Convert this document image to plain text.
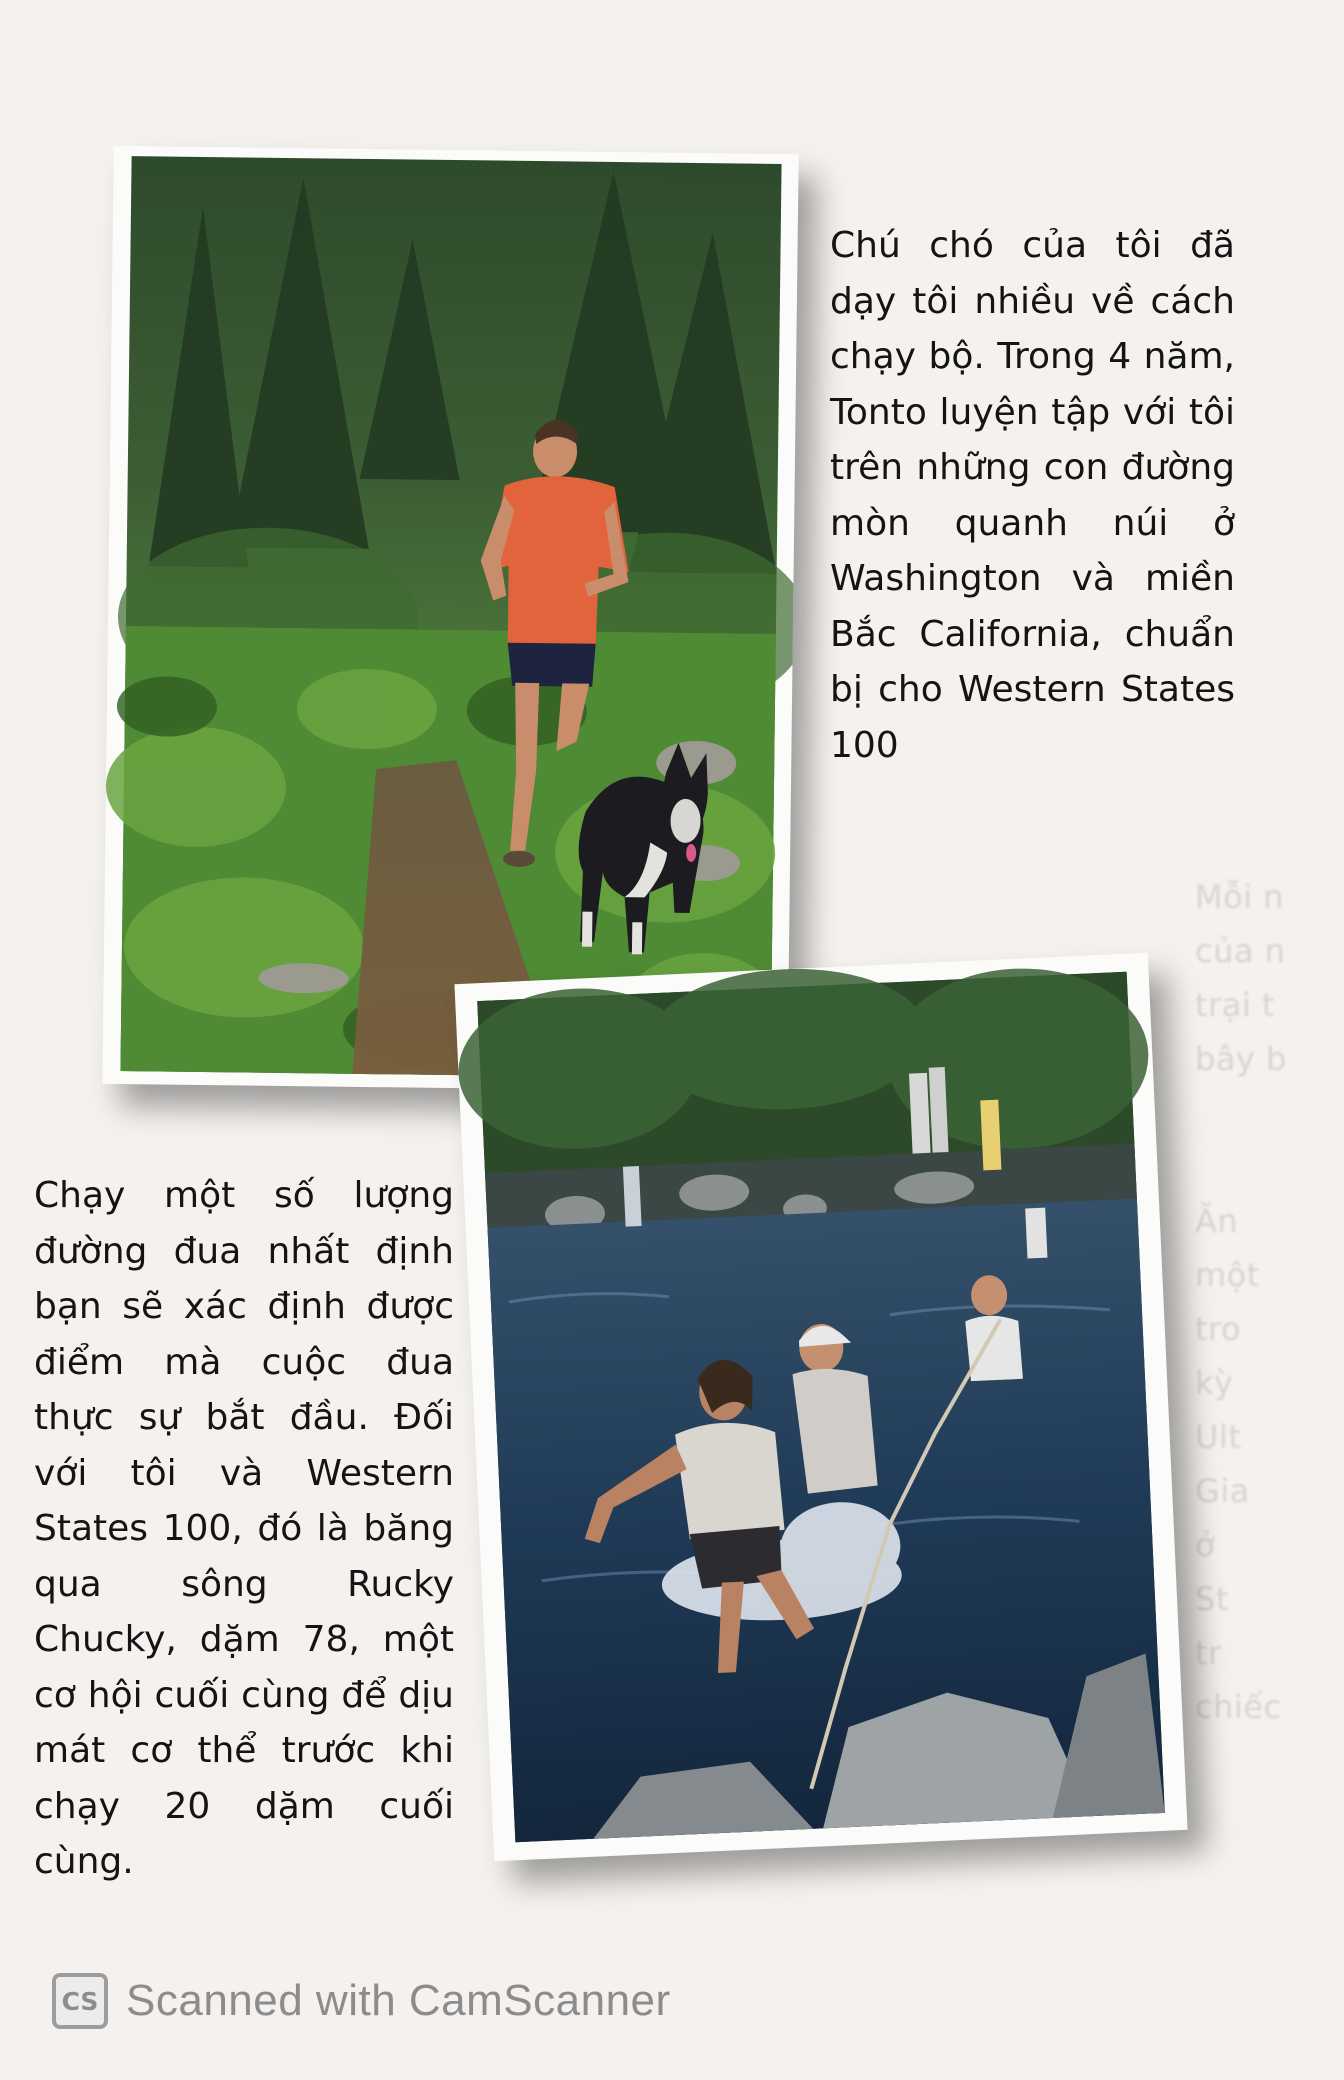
Mỗi n
của n
trại t
bây b

Ăn
một
tro
kỳ
Ult
Gia
ở
St
tr
chiếc

Chú chó của tôi đã dạy tôi nhiều về cách chạy bộ. Trong 4 năm, Tonto luyện tập với tôi trên những con đường mòn quanh núi ở Washington và miền Bắc California, chuẩn bị cho Western States 100

Chạy một số lượng đường đua nhất định bạn sẽ xác định được điểm mà cuộc đua thực sự bắt đầu. Đối với tôi và Western States 100, đó là băng qua sông Rucky Chucky, dặm 78, một cơ hội cuối cùng để dịu mát cơ thể trước khi chạy 20 dặm cuối cùng.

CS Scanned with CamScanner
